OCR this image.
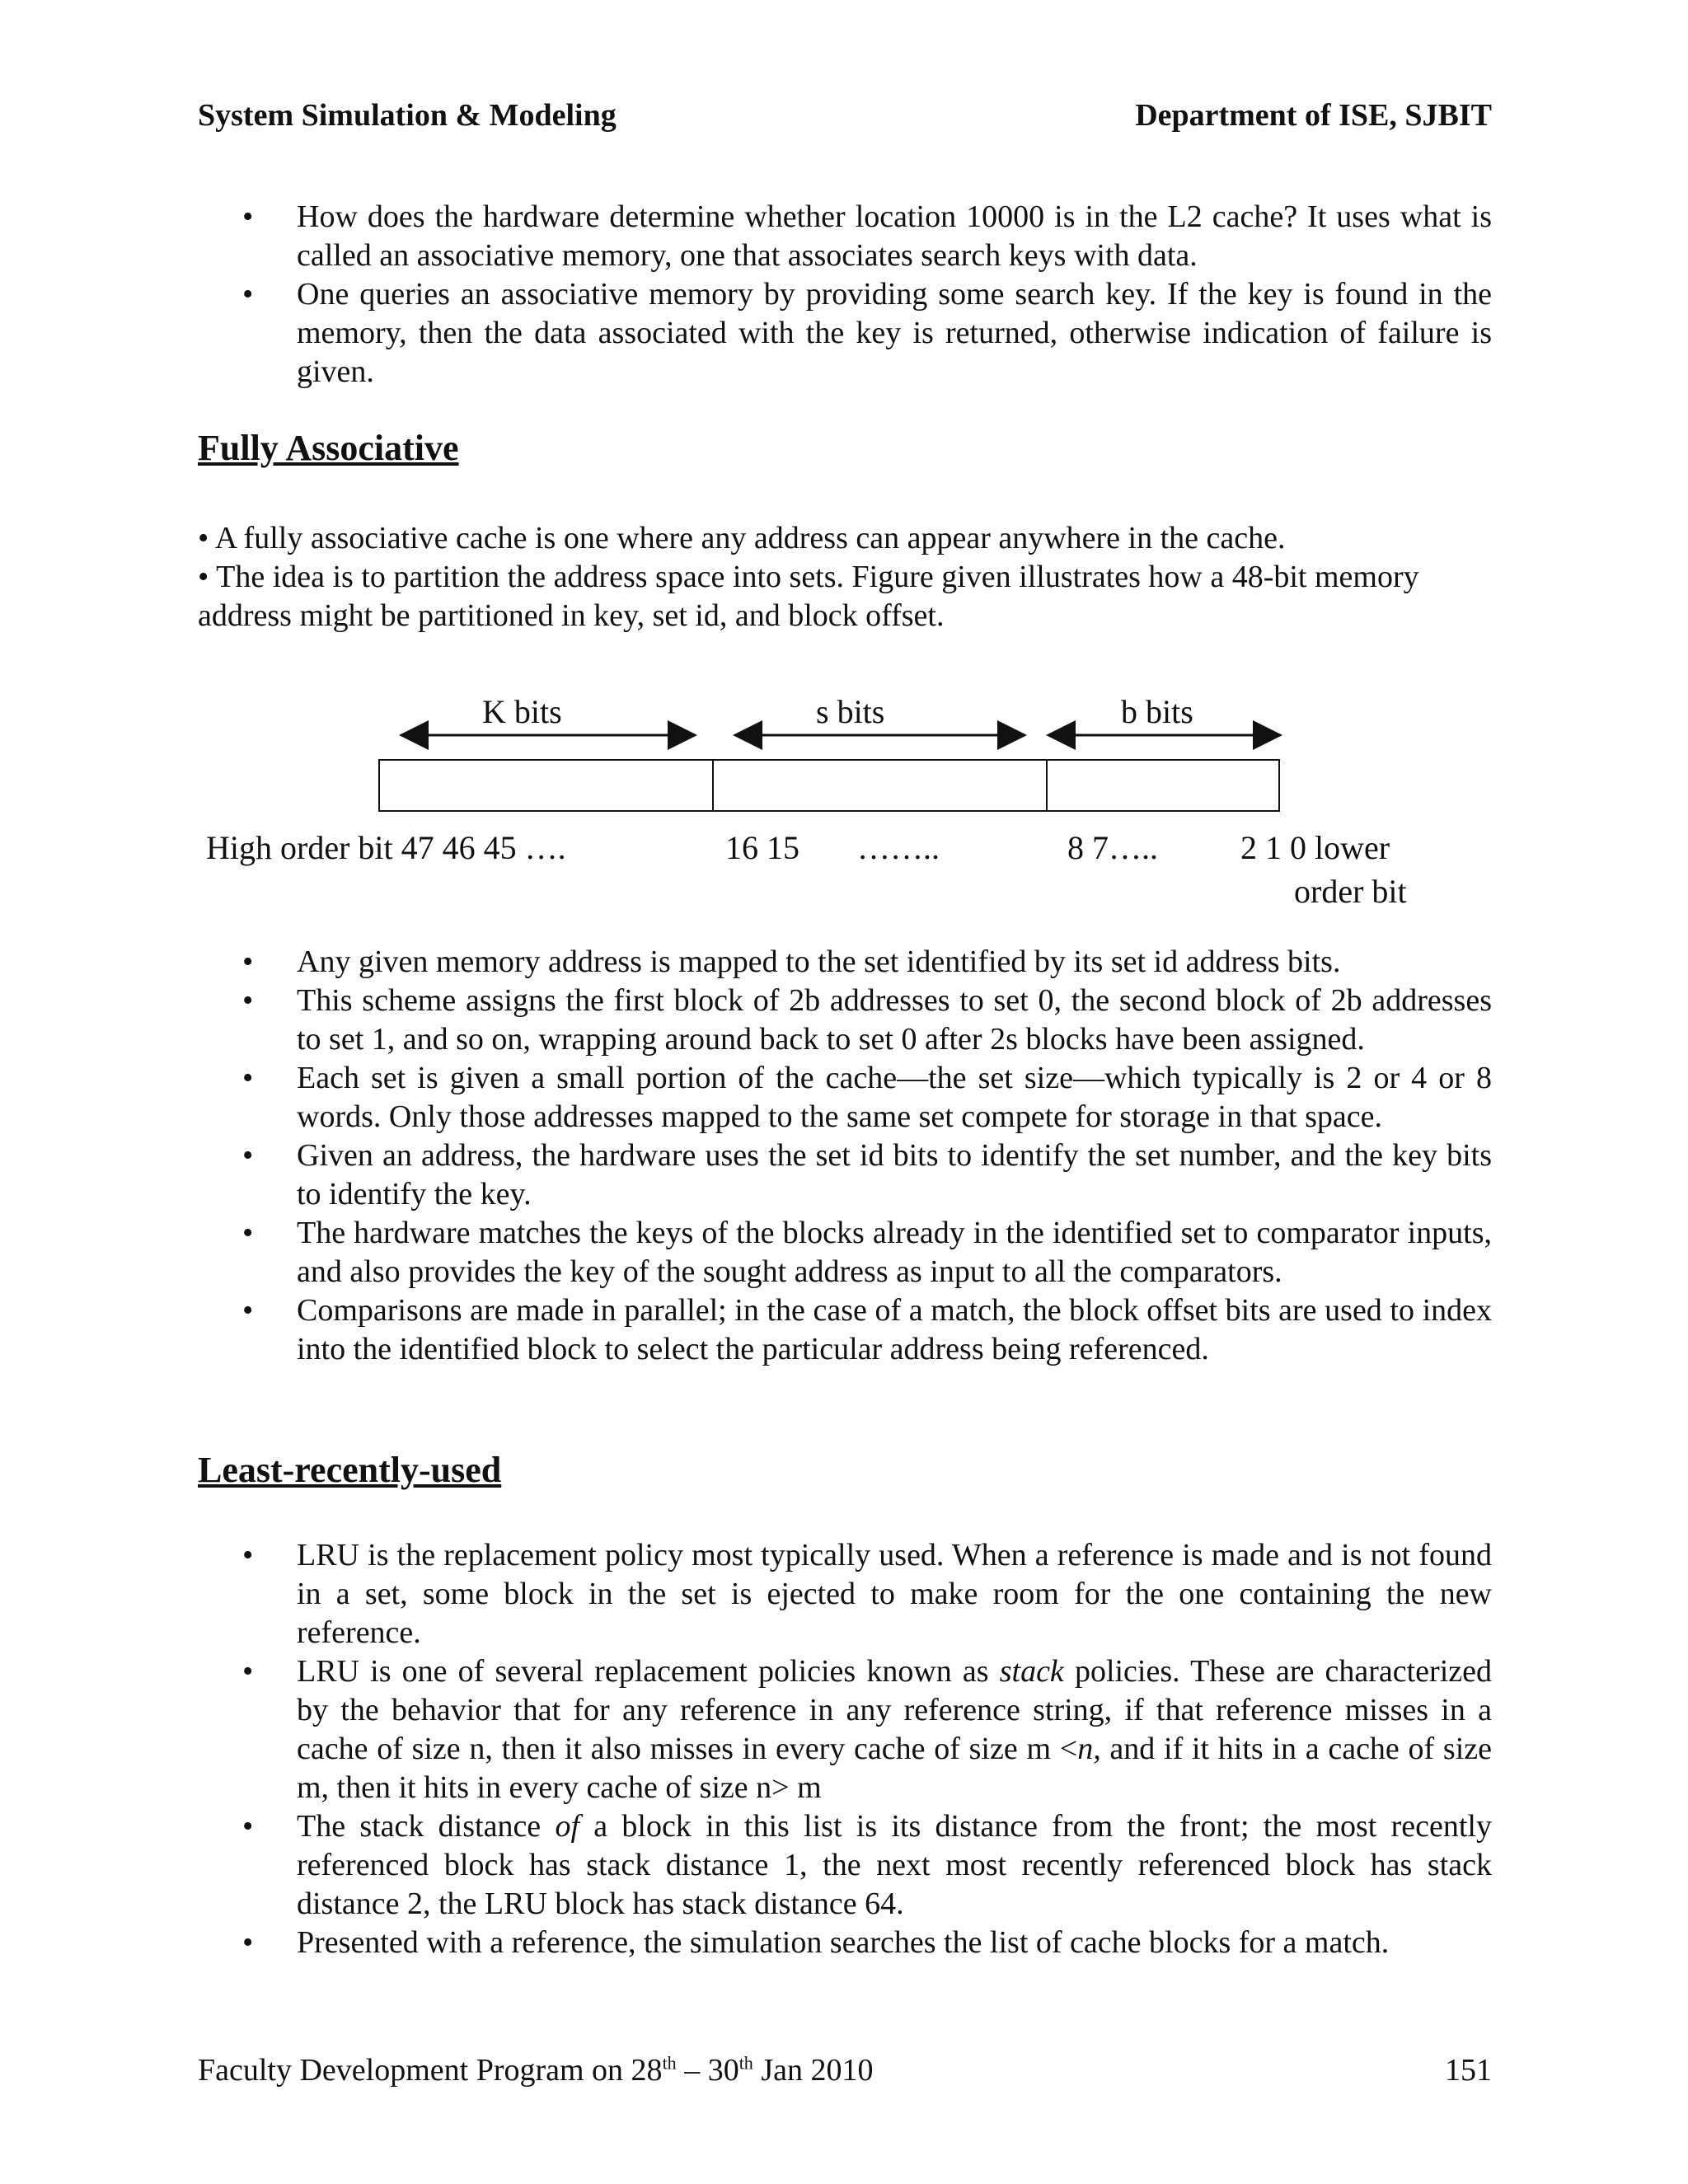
System Simulation & Modeling	Department of ISE, SJBIT
• How does the hardware determine whether location 10000 is in the L2 cache? It uses what is called an associative memory, one that associates search keys with data.
• One queries an associative memory by providing some search key. If the key is found in the memory, then the data associated with the key is returned, otherwise indication of failure is given.
Fully Associative

• A fully associative cache is one where any address can appear anywhere in the cache.

• The idea is to partition the address space into sets. Figure given illustrates how a 48-bit memory address might be partitioned in key, set id, and block offset.

K bits	s bits	b bits
High order bit 47 46 45 ….	16 15 ……..	8 7…..	2 1 0 lower
order bit
• Any given memory address is mapped to the set identified by its set id address bits.
• This scheme assigns the first block of 2b addresses to set 0, the second block of 2b addresses to set 1, and so on, wrapping around back to set 0 after 2s blocks have been assigned.
• Each set is given a small portion of the cache—the set size—which typically is 2 or 4 or 8 words. Only those addresses mapped to the same set compete for storage in that space.
• Given an address, the hardware uses the set id bits to identify the set number, and the key bits to identify the key.
• The hardware matches the keys of the blocks already in the identified set to comparator inputs, and also provides the key of the sought address as input to all the comparators.
• Comparisons are made in parallel; in the case of a match, the block offset bits are used to index into the identified block to select the particular address being referenced.
Least-recently-used
• LRU is the replacement policy most typically used. When a reference is made and is not found in a set, some block in the set is ejected to make room for the one containing the new reference.
• LRU is one of several replacement policies known as stack policies. These are characterized by the behavior that for any reference in any reference string, if that reference misses in a cache of size n, then it also misses in every cache of size m <n, and if it hits in a cache of size m, then it hits in every cache of size n> m
• The stack distance of a block in this list is its distance from the front; the most recently referenced block has stack distance 1, the next most recently referenced block has stack distance 2, the LRU block has stack distance 64.
• Presented with a reference, the simulation searches the list of cache blocks for a match.
Faculty Development Program on 28th – 30th Jan 2010	151
